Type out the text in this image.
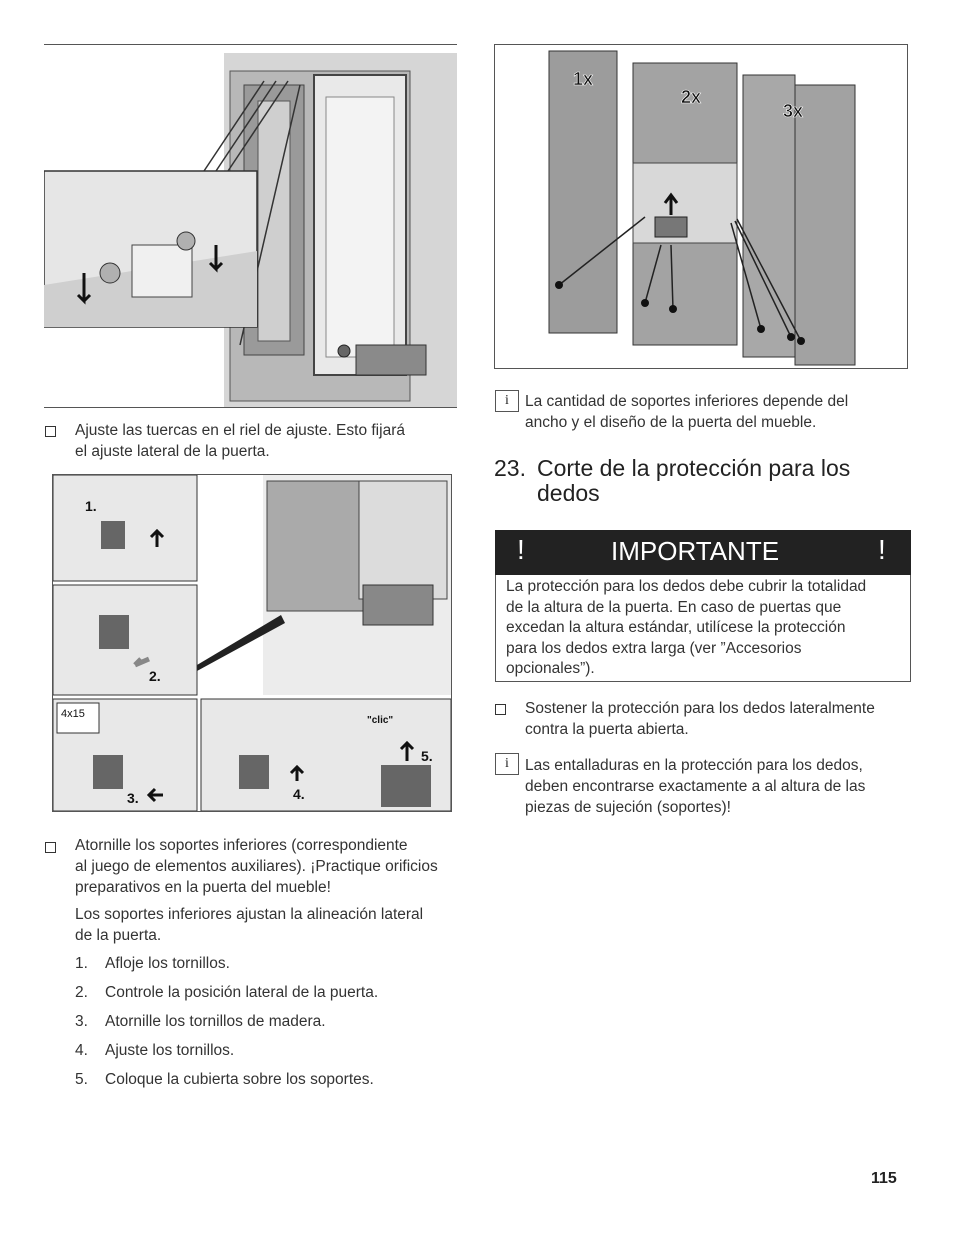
Ajuste las tuercas en el riel de ajuste. Esto fijará
el ajuste lateral de la puerta.
1.
2.
3.	4.
5.
4x15
"clic"
Atornille los soportes inferiores (correspondiente
al juego de elementos auxiliares). ¡Practique orificios
preparativos en la puerta del mueble!
Los soportes inferiores ajustan la alineación lateral
de la puerta.
1.	Afloje los tornillos.
2.	Controle la posición lateral de la puerta.
3.	Atornille los tornillos de madera.
4.	Ajuste los tornillos.
5.	Coloque la cubierta sobre los soportes.
1x
2x
3x
i	La cantidad de soportes inferiores depende del
ancho y el diseño de la puerta del mueble.
23. Corte de la protección para los
dedos
!	IMPORTANTE	!
La protección para los dedos debe cubrir la totalidad
de la altura de la puerta. En caso de puertas que
excedan la altura estándar, utilícese la protección
para los dedos extra larga (ver ”Accesorios
opcionales”).
Sostener la protección para los dedos lateralmente
contra la puerta abierta.
i	Las entalladuras en la protección para los dedos,
deben encontrarse exactamente a al altura de las
piezas de sujeción (soportes)!
115
